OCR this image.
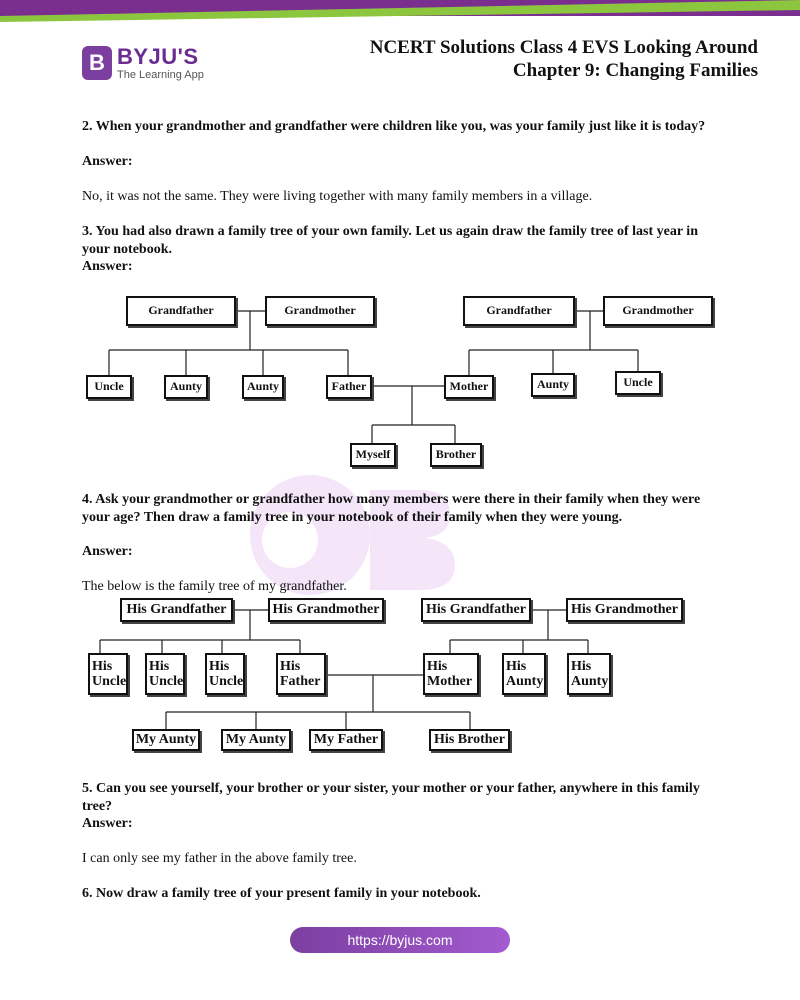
B BYJU'S
The Learning App
NCERT Solutions Class 4 EVS Looking Around
Chapter 9: Changing Families
2. When your grandmother and grandfather were children like you, was your family just like it is today?
Answer:
No, it was not the same. They were living together with many family members in a village.
3. You had also drawn a family tree of your own family. Let us again draw the family tree of last year in your notebook.
Answer:
Grandfather	Grandmother	Grandfather	Grandmother
Uncle	Aunty	Aunty	Father	Mother	Aunty	Uncle
Myself	Brother
4. Ask your grandmother or grandfather how many members were there in their family when they were your age? Then draw a family tree in your notebook of their family when they were young.
Answer:
The below is the family tree of my grandfather.
His Grandfather	His Grandmother	His Grandfather	His Grandmother
His
Uncle
His
Uncle
His
Uncle
His
Father
His
Mother
His
Aunty
His
Aunty
My Aunty	My Aunty	My Father	His Brother
5. Can you see yourself, your brother or your sister, your mother or your father, anywhere in this family tree?
Answer:
I can only see my father in the above family tree.
6. Now draw a family tree of your present family in your notebook.
https://byjus.com
